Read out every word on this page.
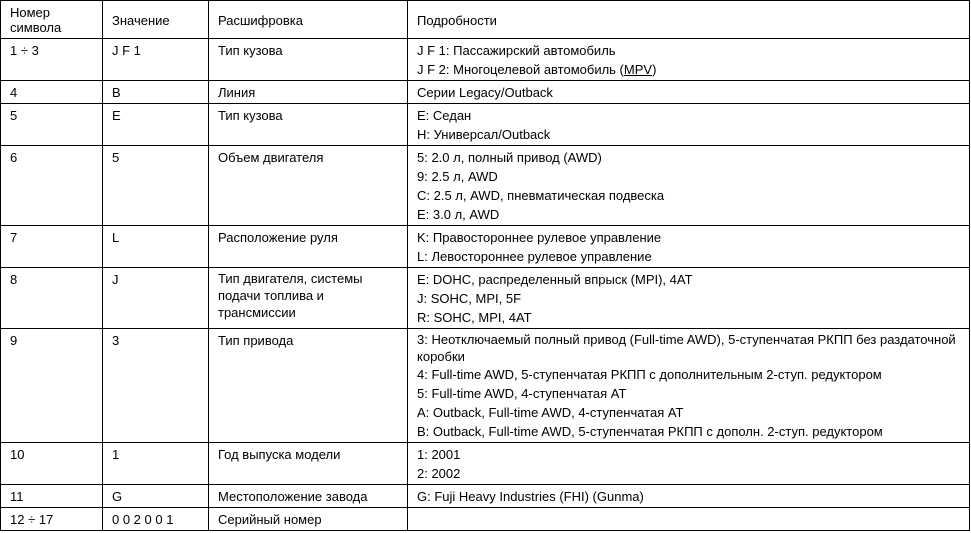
Номер символа	Значение	Расшифровка	Подробности

1 ÷ 3	J F 1	Тип кузова	J F 1: Пассажирский автомобиль
J F 2: Многоцелевой автомобиль (MPV)

4	B	Линия	Серии Legacy/Outback

5	E	Тип кузова	E: Седан
H: Универсал/Outback

6	5	Объем двигателя	5: 2.0 л, полный привод (AWD)
9: 2.5 л, AWD
C: 2.5 л, AWD, пневматическая подвеска
E: 3.0 л, AWD

7	L	Расположение руля	K: Правостороннее рулевое управление
L: Левостороннее рулевое управление

8	J	Тип двигателя, системы подачи топлива и трансмиссии	E: DOHC, распределенный впрыск (MPI), 4AT
J: SOHC, MPI, 5F
R: SOHC, MPI, 4AT

9	3	Тип привода	3: Неотключаемый полный привод (Full-time AWD), 5-ступенчатая РКПП без раздаточной коробки
4: Full-time AWD, 5-ступенчатая РКПП с дополнительным 2-ступ. редуктором
5: Full-time AWD, 4-ступенчатая AT
A: Outback, Full-time AWD, 4-ступенчатая AT
B: Outback, Full-time AWD, 5-ступенчатая РКПП с дополн. 2-ступ. редуктором

10	1	Год выпуска модели	1: 2001
2: 2002

11	G	Местоположение завода	G: Fuji Heavy Industries (FHI) (Gunma)

12 ÷ 17	0 0 2 0 0 1	Серийный номер	
